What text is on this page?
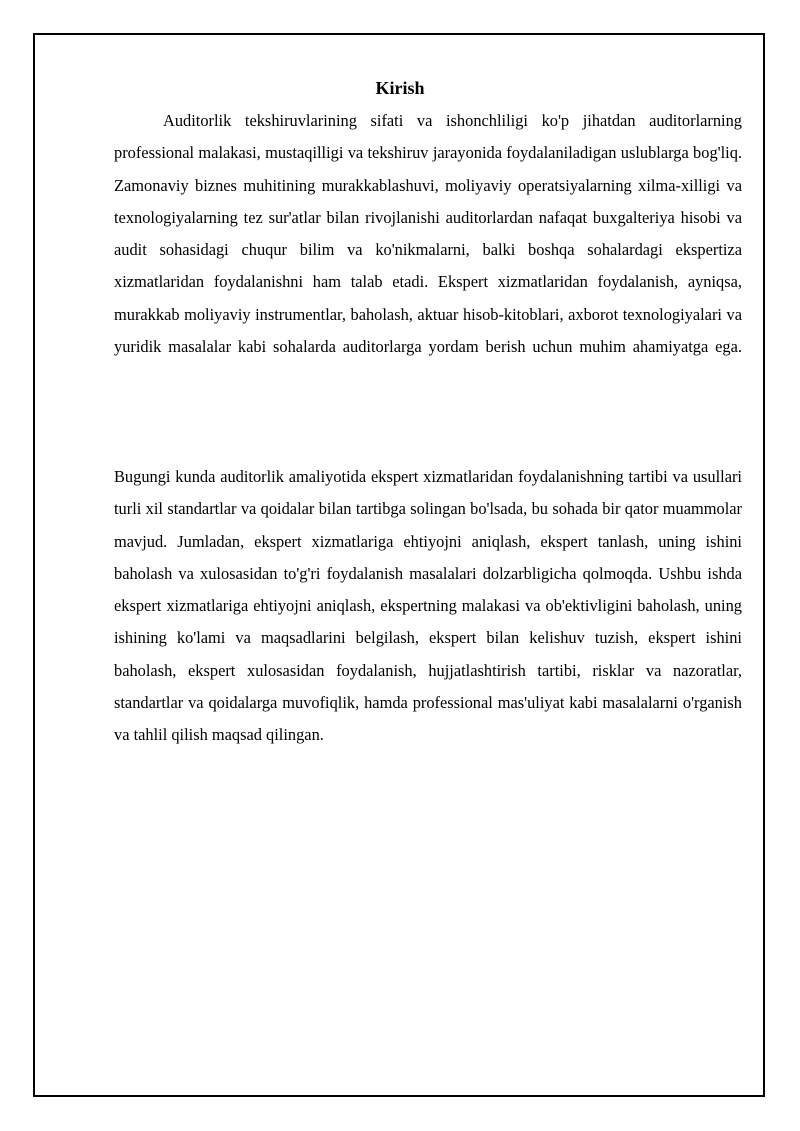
Kirish

Auditorlik tekshiruvlarining sifati va ishonchliligi ko'p jihatdan auditorlarning professional malakasi, mustaqilligi va tekshiruv jarayonida foydalaniladigan uslublarga bog'liq. Zamonaviy biznes muhitining murakkablashuvi, moliyaviy operatsiyalarning xilma-xilligi va texnologiyalarning tez sur'atlar bilan rivojlanishi auditorlardan nafaqat buxgalteriya hisobi va audit sohasidagi chuqur bilim va ko'nikmalarni, balki boshqa sohalardagi ekspertiza xizmatlaridan foydalanishni ham talab etadi. Ekspert xizmatlaridan foydalanish, ayniqsa, murakkab moliyaviy instrumentlar, baholash, aktuar hisob-kitoblari, axborot texnologiyalari va yuridik masalalar kabi sohalarda auditorlarga yordam berish uchun muhim ahamiyatga ega.

Bugungi kunda auditorlik amaliyotida ekspert xizmatlaridan foydalanishning tartibi va usullari turli xil standartlar va qoidalar bilan tartibga solingan bo'lsada, bu sohada bir qator muammolar mavjud. Jumladan, ekspert xizmatlariga ehtiyojni aniqlash, ekspert tanlash, uning ishini baholash va xulosasidan to'g'ri foydalanish masalalari dolzarbligicha qolmoqda. Ushbu ishda ekspert xizmatlariga ehtiyojni aniqlash, ekspertning malakasi va ob'ektivligini baholash, uning ishining ko'lami va maqsadlarini belgilash, ekspert bilan kelishuv tuzish, ekspert ishini baholash, ekspert xulosasidan foydalanish, hujjatlashtirish tartibi, risklar va nazoratlar, standartlar va qoidalarga muvofiqlik, hamda professional mas'uliyat kabi masalalarni o'rganish va tahlil qilish maqsad qilingan.
